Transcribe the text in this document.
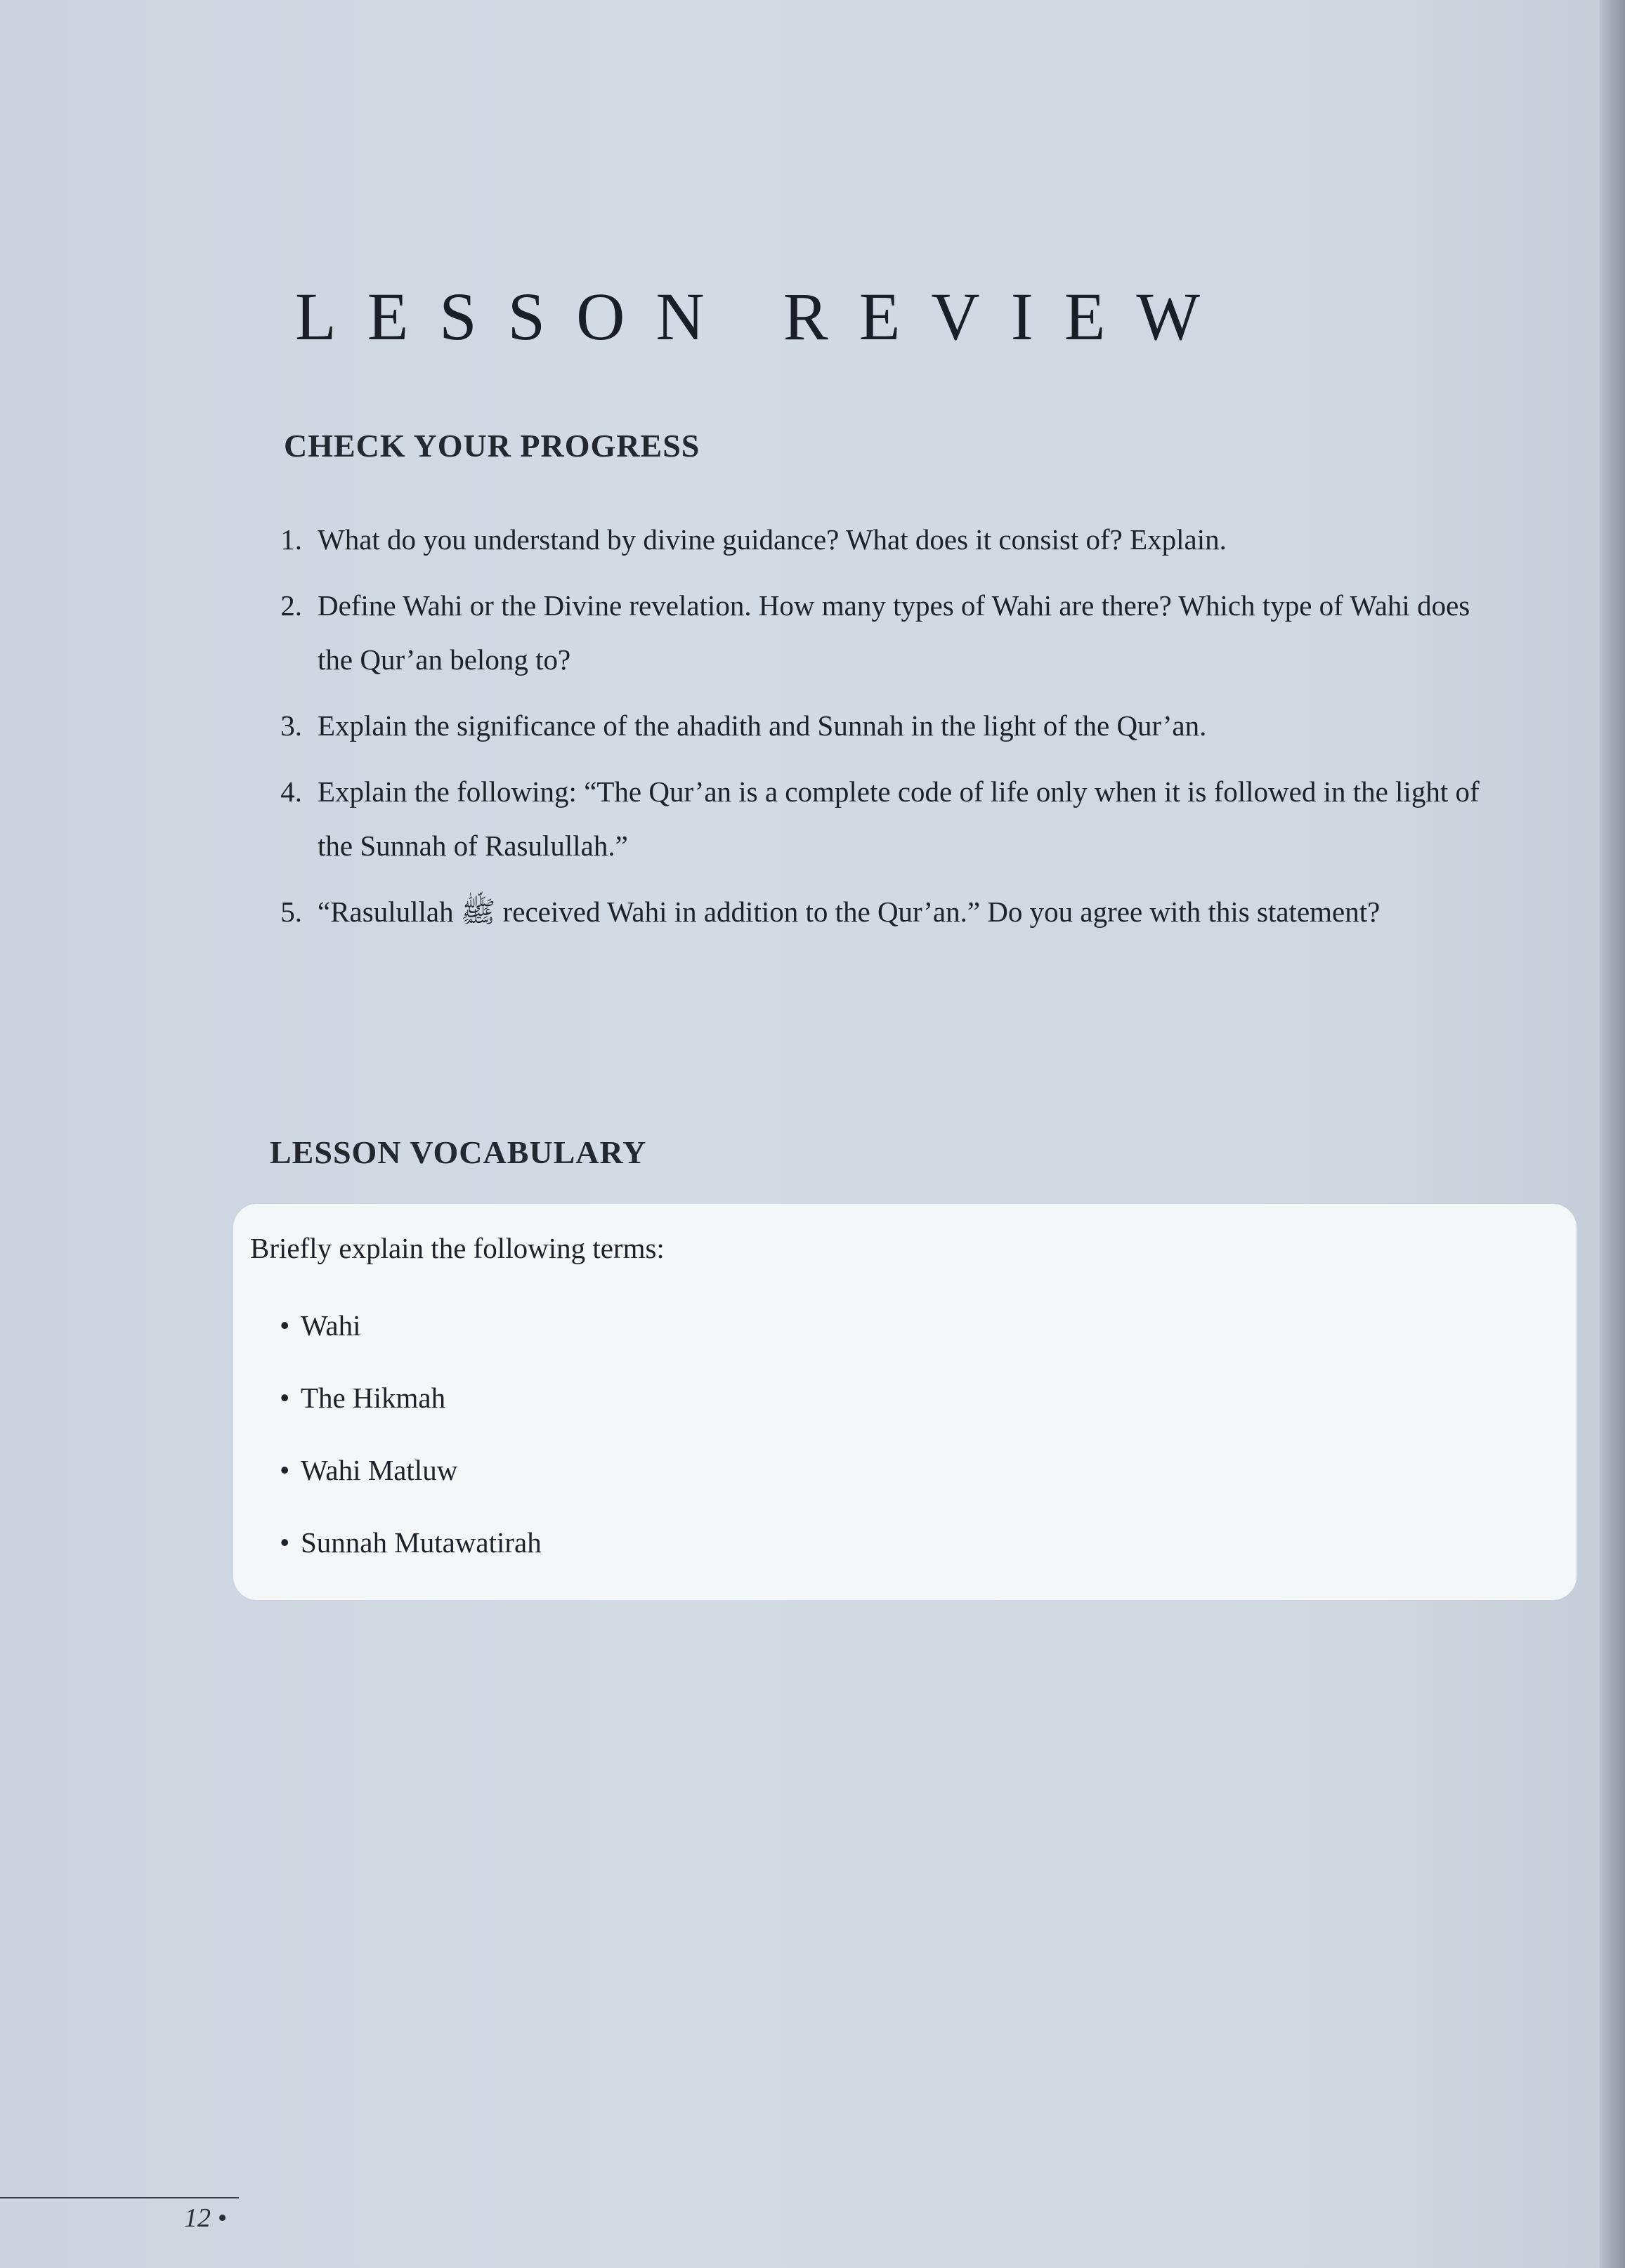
LESSON REVIEW
CHECK YOUR PROGRESS
1. What do you understand by divine guidance? What does it consist of? Explain.
2. Define Wahi or the Divine revelation. How many types of Wahi are there? Which type of Wahi does the Qur’an belong to?
3. Explain the significance of the ahadith and Sunnah in the light of the Qur’an.
4. Explain the following: “The Qur’an is a complete code of life only when it is followed in the light of the Sunnah of Rasulullah.”
5. “Rasulullah ﷺ received Wahi in addition to the Qur’an.” Do you agree with this statement?
LESSON VOCABULARY
Briefly explain the following terms:
• Wahi
• The Hikmah
• Wahi Matluw
• Sunnah Mutawatirah
12 •
